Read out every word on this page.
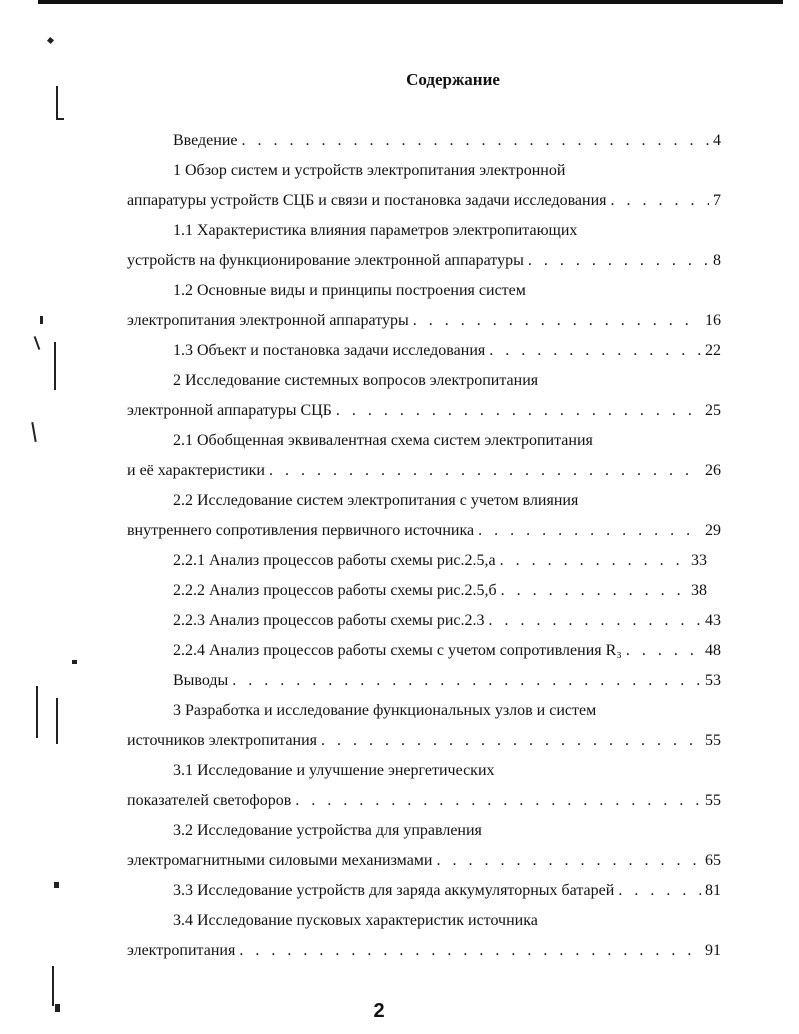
Содержание
Введение . . .	4
1 Обзор систем и устройств электропитания электронной
аппаратуры устройств СЦБ и связи и постановка задачи исследования . . .	7
1.1 Характеристика влияния параметров электропитающих
устройств на функционирование электронной аппаратуры . . .	8
1.2 Основные виды и принципы построения систем
электропитания электронной аппаратуры . . .	16
1.3 Объект и постановка задачи исследования . . .	22
2 Исследование системных вопросов электропитания
электронной аппаратуры СЦБ . . .	25
2.1 Обобщенная эквивалентная схема систем электропитания
и её характеристики . . .	26
2.2 Исследование систем электропитания с учетом влияния
внутреннего сопротивления первичного источника . . .	29
2.2.1 Анализ процессов работы схемы рис.2.5,а . . .	33
2.2.2 Анализ процессов работы схемы рис.2.5,б . . .	38
2.2.3 Анализ процессов работы схемы рис.2.3 . . .	43
2.2.4 Анализ процессов работы схемы с учетом сопротивления R₃ . . .	48
Выводы . . .	53
3 Разработка и исследование функциональных узлов и систем
источников электропитания . . .	55
3.1 Исследование и улучшение энергетических
показателей светофоров . . .	55
3.2 Исследование устройства для управления
электромагнитными силовыми механизмами . . .	65
3.3 Исследование устройств для заряда аккумуляторных батарей . . .	81
3.4 Исследование пусковых характеристик источника
электропитания . . .	91
2
